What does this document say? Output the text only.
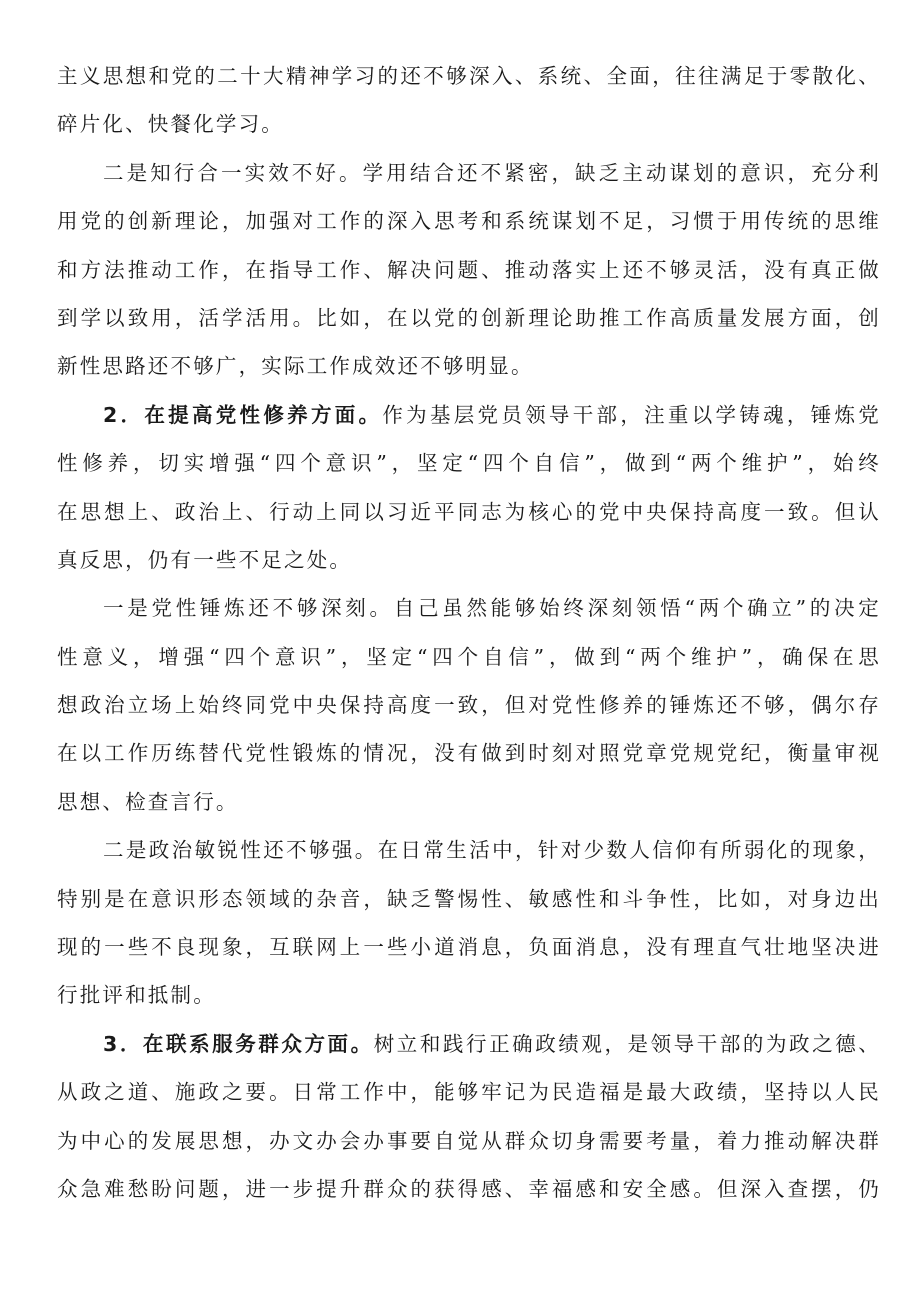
主义思想和党的二十大精神学习的还不够深入、系统、全面，往往满足于零散化、
碎片化、快餐化学习。
二是知行合一实效不好。学用结合还不紧密，缺乏主动谋划的意识，充分利
用党的创新理论，加强对工作的深入思考和系统谋划不足，习惯于用传统的思维
和方法推动工作，在指导工作、解决问题、推动落实上还不够灵活，没有真正做
到学以致用，活学活用。比如，在以党的创新理论助推工作高质量发展方面，创
新性思路还不够广，实际工作成效还不够明显。
2．在提高党性修养方面。作为基层党员领导干部，注重以学铸魂，锤炼党
性修养，切实增强“四个意识”，坚定“四个自信”，做到“两个维护”，始终
在思想上、政治上、行动上同以习近平同志为核心的党中央保持高度一致。但认
真反思，仍有一些不足之处。
一是党性锤炼还不够深刻。自己虽然能够始终深刻领悟“两个确立”的决定
性意义，增强“四个意识”，坚定“四个自信”，做到“两个维护”，确保在思
想政治立场上始终同党中央保持高度一致，但对党性修养的锤炼还不够，偶尔存
在以工作历练替代党性锻炼的情况，没有做到时刻对照党章党规党纪，衡量审视
思想、检查言行。
二是政治敏锐性还不够强。在日常生活中，针对少数人信仰有所弱化的现象，
特别是在意识形态领域的杂音，缺乏警惕性、敏感性和斗争性，比如，对身边出
现的一些不良现象，互联网上一些小道消息，负面消息，没有理直气壮地坚决进
行批评和抵制。
3．在联系服务群众方面。树立和践行正确政绩观，是领导干部的为政之德、
从政之道、施政之要。日常工作中，能够牢记为民造福是最大政绩，坚持以人民
为中心的发展思想，办文办会办事要自觉从群众切身需要考量，着力推动解决群
众急难愁盼问题，进一步提升群众的获得感、幸福感和安全感。但深入查摆，仍
